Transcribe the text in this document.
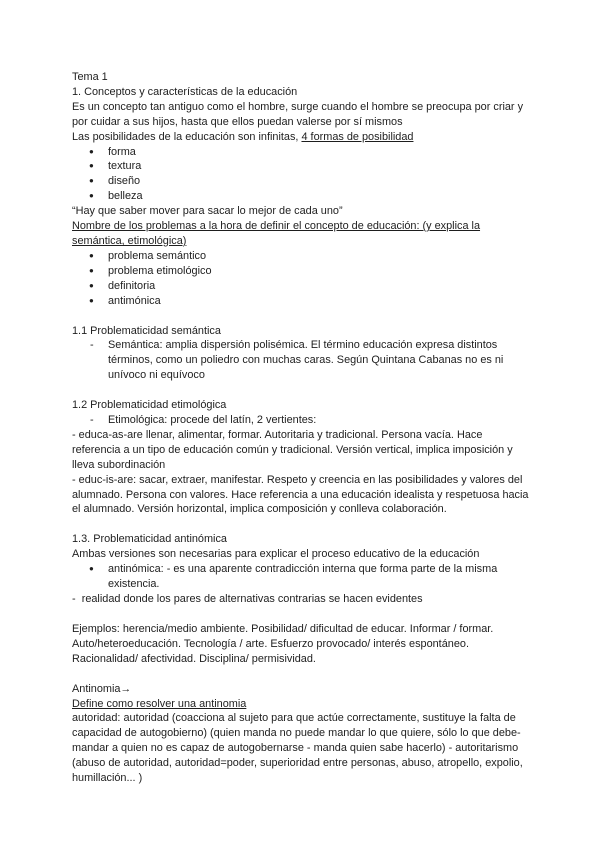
Tema 1

1. Conceptos y características de la educación

Es un concepto tan antiguo como el hombre, surge cuando el hombre se preocupa por criar y por cuidar a sus hijos, hasta que ellos puedan valerse por sí mismos

Las posibilidades de la educación son infinitas, 4 formas de posibilidad

● forma
● textura
● diseño
● belleza

“Hay que saber mover para sacar lo mejor de cada uno”

Nombre de los problemas a la hora de definir el concepto de educación: (y explica la semántica, etimológica)

● problema semántico
● problema etimológico
● definitoria
● antimónica

1.1 Problematicidad semántica

- Semántica: amplia dispersión polisémica. El término educación expresa distintos términos, como un poliedro con muchas caras. Según Quintana Cabanas no es ni unívoco ni equívoco

1.2 Problematicidad etimológica

- Etimológica: procede del latín, 2 vertientes:

- educa-as-are llenar, alimentar, formar. Autoritaria y tradicional. Persona vacía. Hace referencia a un tipo de educación común y tradicional. Versión vertical, implica imposición y lleva subordinación

- educ-is-are: sacar, extraer, manifestar. Respeto y creencia en las posibilidades y valores del alumnado. Persona con valores. Hace referencia a una educación idealista y respetuosa hacia el alumnado. Versión horizontal, implica composición y conlleva colaboración.

1.3. Problematicidad antinómica

Ambas versiones son necesarias para explicar el proceso educativo de la educación

● antinómica: - es una aparente contradicción interna que forma parte de la misma existencia.

-  realidad donde los pares de alternativas contrarias se hacen evidentes

Ejemplos: herencia/medio ambiente. Posibilidad/ dificultad de educar. Informar / formar. Auto/heteroeducación. Tecnología / arte. Esfuerzo provocado/ interés espontáneo. Racionalidad/ afectividad. Disciplina/ permisividad.

Antinomia→

Define como resolver una antinomia

autoridad: autoridad (coacciona al sujeto para que actúe correctamente, sustituye la falta de capacidad de autogobierno) (quien manda no puede mandar lo que quiere, sólo lo que debe- mandar a quien no es capaz de autogobernarse - manda quien sabe hacerlo) - autoritarismo (abuso de autoridad, autoridad=poder, superioridad entre personas, abuso, atropello, expolio, humillación... )
